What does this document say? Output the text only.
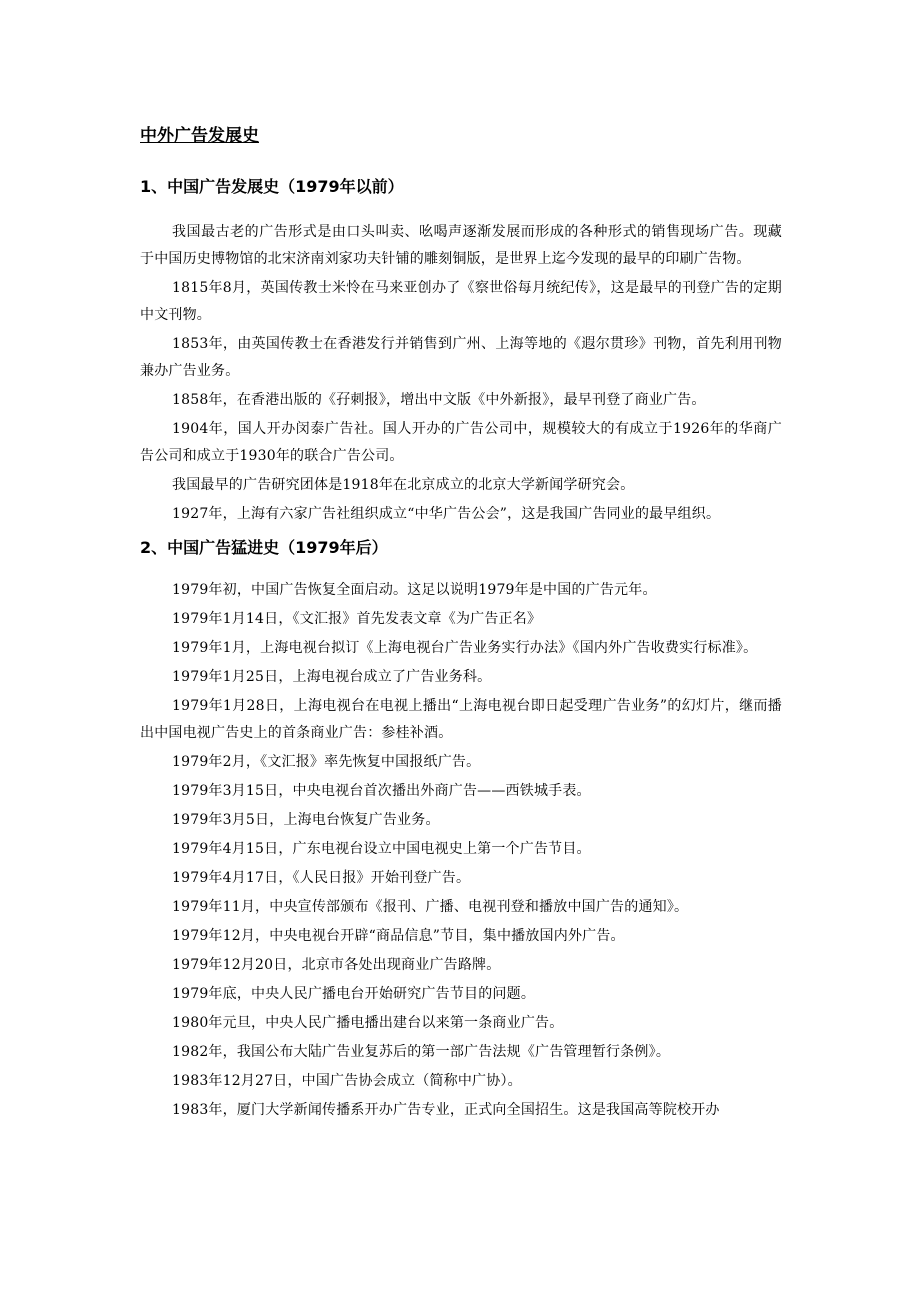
中外广告发展史
1、中国广告发展史（1979年以前）

我国最古老的广告形式是由口头叫卖、吆喝声逐渐发展而形成的各种形式的销售现场广告。现藏于中国历史博物馆的北宋济南刘家功夫针铺的雕刻铜版，是世界上迄今发现的最早的印刷广告物。

1815年8月，英国传教士米怜在马来亚创办了《察世俗每月统纪传》，这是最早的刊登广告的定期中文刊物。

1853年，由英国传教士在香港发行并销售到广州、上海等地的《遐尔贯珍》刊物，首先利用刊物兼办广告业务。

1858年，在香港出版的《孖刺报》，增出中文版《中外新报》，最早刊登了商业广告。

1904年，国人开办闵泰广告社。国人开办的广告公司中，规模较大的有成立于1926年的华商广告公司和成立于1930年的联合广告公司。

我国最早的广告研究团体是1918年在北京成立的北京大学新闻学研究会。

1927年，上海有六家广告社组织成立“中华广告公会”，这是我国广告同业的最早组织。

2、中国广告猛进史（1979年后）

1979年初，中国广告恢复全面启动。这足以说明1979年是中国的广告元年。

1979年1月14日，《文汇报》首先发表文章《为广告正名》

1979年1月，上海电视台拟订《上海电视台广告业务实行办法》《国内外广告收费实行标准》。

1979年1月25日，上海电视台成立了广告业务科。

1979年1月28日，上海电视台在电视上播出“上海电视台即日起受理广告业务”的幻灯片，继而播出中国电视广告史上的首条商业广告：参桂补酒。

1979年2月，《文汇报》率先恢复中国报纸广告。

1979年3月15日，中央电视台首次播出外商广告——西铁城手表。

1979年3月5日，上海电台恢复广告业务。

1979年4月15日，广东电视台设立中国电视史上第一个广告节目。

1979年4月17日，《人民日报》开始刊登广告。

1979年11月，中央宣传部颁布《报刊、广播、电视刊登和播放中国广告的通知》。

1979年12月，中央电视台开辟“商品信息”节目，集中播放国内外广告。

1979年12月20日，北京市各处出现商业广告路牌。

1979年底，中央人民广播电台开始研究广告节目的问题。

1980年元旦，中央人民广播电播出建台以来第一条商业广告。

1982年，我国公布大陆广告业复苏后的第一部广告法规《广告管理暂行条例》。

1983年12月27日，中国广告协会成立（简称中广协）。

1983年，厦门大学新闻传播系开办广告专业，正式向全国招生。这是我国高等院校开办
